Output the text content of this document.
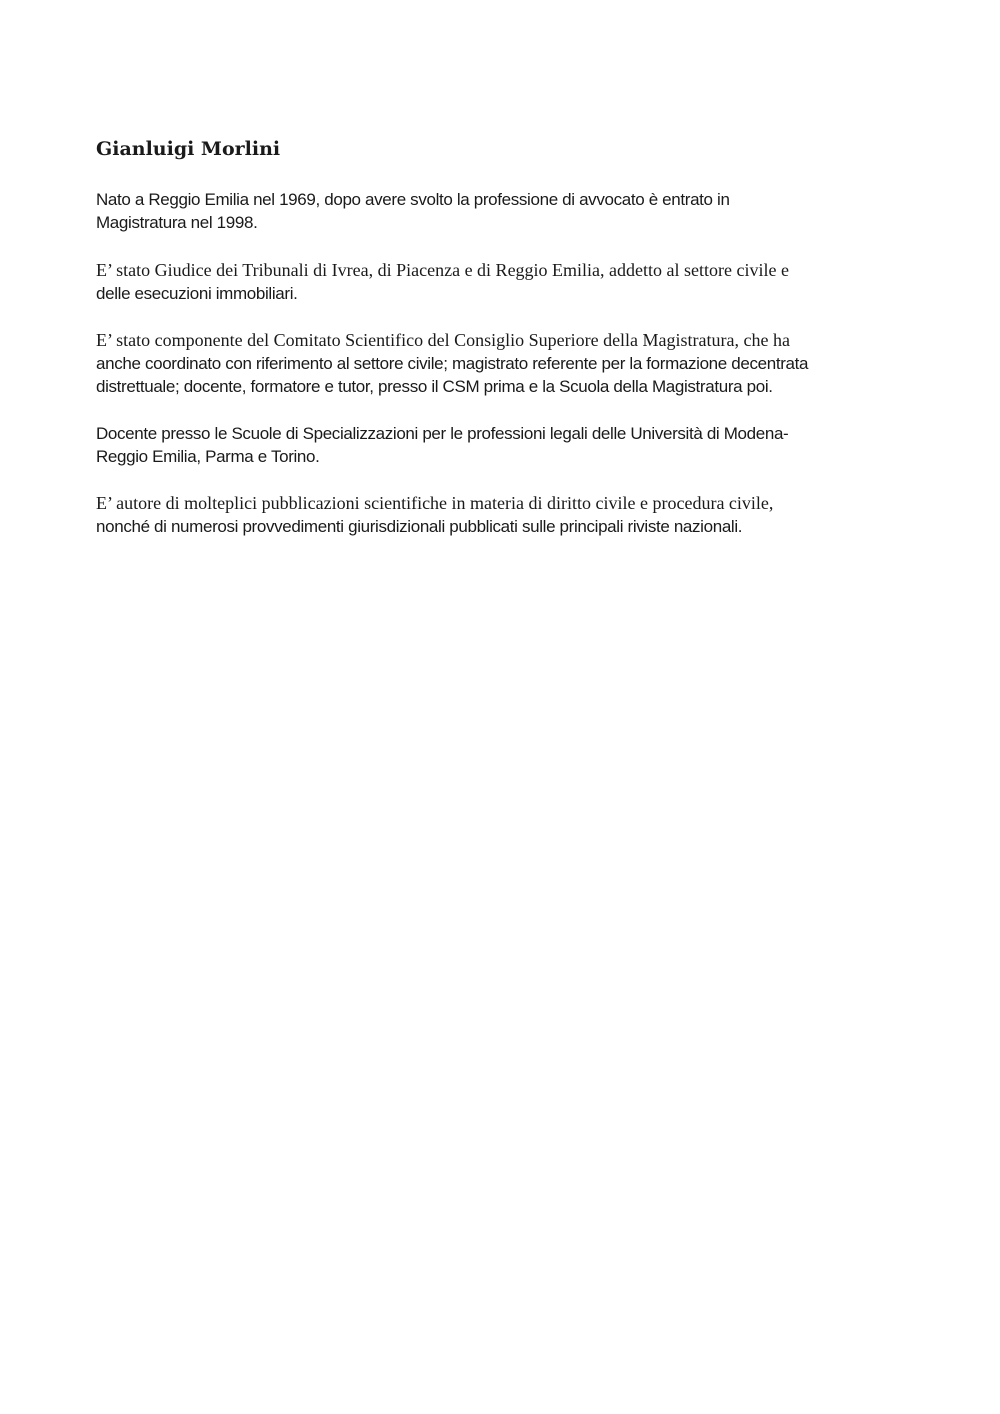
Gianluigi Morlini

Nato a Reggio Emilia nel 1969, dopo avere svolto la professione di avvocato è entrato in
Magistratura nel 1998.

E’ stato Giudice dei Tribunali di Ivrea, di Piacenza e di Reggio Emilia, addetto al settore civile e
delle esecuzioni immobiliari.

E’ stato componente del Comitato Scientifico del Consiglio Superiore della Magistratura, che ha
anche coordinato con riferimento al settore civile; magistrato referente per la formazione decentrata
distrettuale; docente, formatore e tutor, presso il CSM prima e la Scuola della Magistratura poi.

Docente presso le Scuole di Specializzazioni per le professioni legali delle Università di Modena-
Reggio Emilia, Parma e Torino.

E’ autore di molteplici pubblicazioni scientifiche in materia di diritto civile e procedura civile,
nonché di numerosi provvedimenti giurisdizionali pubblicati sulle principali riviste nazionali.
